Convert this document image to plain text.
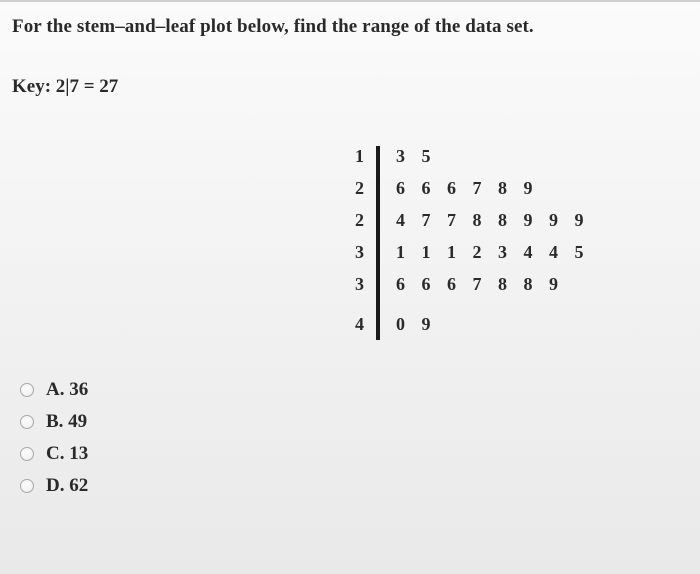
For the stem–and–leaf plot below, find the range of the data set.
Key: 2|7 = 27
1 3 5
2 6 6 6 7 8 9
2 4 7 7 8 8 9 9 9
3 1 1 1 2 3 4 4 5
3 6 6 6 7 8 8 9
4 0 9
A. 36
B. 49
C. 13
D. 62
